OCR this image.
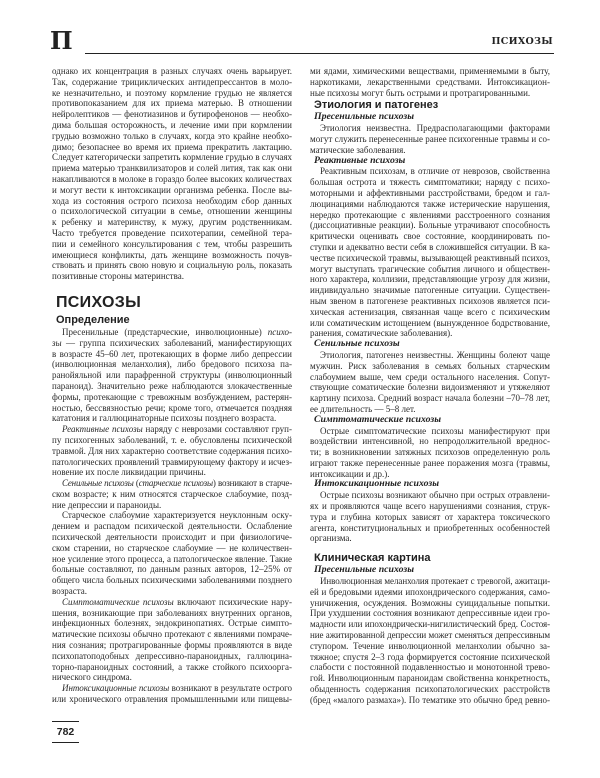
П	ПСИХОЗЫ
однако их концентрация в разных случаях очень варьирует.
Так, содержание трициклических антидепрессантов в моло-
ке незначительно, и поэтому кормление грудью не является
противопоказанием для их приема матерью. В отношении
нейролептиков — фенотиазинов и бутирофенонов — необхо-
дима большая осторожность, и лечение ими при кормлении
грудью возможно только в случаях, когда это крайне необхо-
димо; безопаснее во время их приема прекратить лактацию.
Следует категорически запретить кормление грудью в случаях
приема матерью транквилизаторов и солей лития, так как они
накапливаются в молоке в гораздо более высоких количествах
и могут вести к интоксикации организма ребенка. После вы-
хода из состояния острого психоза необходим сбор данных
о психологической ситуации в семье, отношении женщины
к ребенку и материнству, к мужу, другим родственникам.
Часто требуется проведение психотерапии, семейной тера-
пии и семейного консультирования с тем, чтобы разрешить
имеющиеся конфликты, дать женщине возможность почув-
ствовать и принять свою новую и социальную роль, показать
позитивные стороны материнства.
ПСИХОЗЫ
Определение
Пресенильные (предстарческие, инволюционные) психо-
зы — группа психических заболеваний, манифестирующих
в возрасте 45–60 лет, протекающих в форме либо депрессии
(инволюционная меланхолия), либо бредового психоза па-
ранойяльной или парафренной структуры (инволюционный
параноид). Значительно реже наблюдаются злокачественные
формы, протекающие с тревожным возбуждением, растерян-
ностью, бессвязностью речи; кроме того, отмечается поздняя
кататония и галлюцинаторные психозы позднего возраста.
Реактивные психозы наряду с неврозами составляют груп-
пу психогенных заболеваний, т. е. обусловлены психической
травмой. Для них характерно соответствие содержания психо-
патологических проявлений травмирующему фактору и исчез-
новение их после ликвидации причины.
Сенильные психозы (старческие психозы) возникают в старче-
ском возрасте; к ним относятся старческое слабоумие, позд-
ние депрессии и параноиды.
Старческое слабоумие характеризуется неуклонным оску-
дением и распадом психической деятельности. Ослабление
психической деятельности происходит и при физиологиче-
ском старении, но старческое слабоумие — не количествен-
ное усиление этого процесса, а патологическое явление. Такие
больные составляют, по данным разных авторов, 12–25% от
общего числа больных психическими заболеваниями позднего
возраста.
Симптоматические психозы включают психические нару-
шения, возникающие при заболеваниях внутренних органов,
инфекционных болезнях, эндокринопатиях. Острые симпто-
матические психозы обычно протекают с явлениями помраче-
ния сознания; протрагированные формы проявляются в виде
психопатоподобных депрессивно-параноидных, галлюцина-
торно-параноидных состояний, а также стойкого психоорга-
нического синдрома.
Интоксикационные психозы возникают в результате острого
или хронического отравления промышленными или пищевы-
ми ядами, химическими веществами, применяемыми в быту,
наркотиками, лекарственными средствами. Интоксикацион-
ные психозы могут быть острыми и протрагированными.
Этиология и патогенез
Пресенильные психозы
Этиология неизвестна. Предрасполагающими факторами
могут служить перенесенные ранее психогенные травмы и со-
матические заболевания.
Реактивные психозы
Реактивным психозам, в отличие от неврозов, свойственна
большая острота и тяжесть симптоматики; наряду с психо-
моторными и аффективными расстройствами, бредом и гал-
люцинациями наблюдаются также истерические нарушения,
нередко протекающие с явлениями расстроенного сознания
(диссоциативные реакции). Больные утрачивают способность
критически оценивать свое состояние, координировать по-
ступки и адекватно вести себя в сложившейся ситуации. В ка-
честве психической травмы, вызывающей реактивный психоз,
могут выступать трагические события личного и обществен-
ного характера, коллизии, представляющие угрозу для жизни,
индивидуально значимые патогенные ситуации. Существен-
ным звеном в патогенезе реактивных психозов является пси-
хическая астенизация, связанная чаще всего с психическим
или соматическим истощением (вынужденное бодрствование,
ранения, соматические заболевания).
Сенильные психозы
Этиология, патогенез неизвестны. Женщины болеют чаще
мужчин. Риск заболевания в семьях больных старческим
слабоумием выше, чем среди остального населения. Сопут-
ствующие соматические болезни видоизменяют и утяжеляют
картину психоза. Средний возраст начала болезни –70–78 лет,
ее длительность — 5–8 лет.
Симптоматические психозы
Острые симптоматические психозы манифестируют при
воздействии интенсивной, но непродолжительной вреднос-
ти; в возникновении затяжных психозов определенную роль
играют также перенесенные ранее поражения мозга (травмы,
интоксикации и др.).
Интоксикационные психозы
Острые психозы возникают обычно при острых отравлени-
ях и проявляются чаще всего нарушениями сознания, струк-
тура и глубина которых зависят от характера токсического
агента, конституциональных и приобретенных особенностей
организма.
Клиническая картина
Пресенильные психозы
Инволюционная меланхолия протекает с тревогой, ажитаци-
ей и бредовыми идеями ипохондрического содержания, само-
уничижения, осуждения. Возможны суицидальные попытки.
При ухудшении состояния возникают депрессивные идеи гро-
мадности или ипохондрически-нигилистический бред. Состоя-
ние ажитированной депрессии может сменяться депрессивным
ступором. Течение инволюционной меланхолии обычно за-
тяжное; спустя 2–3 года формируется состояние психической
слабости с постоянной подавленностью и монотонной трево-
гой. Инволюционным параноидам свойственна конкретность,
обыденность содержания психопатологических расстройств
(бред «малого размаха»). По тематике это обычно бред ревно-
782
